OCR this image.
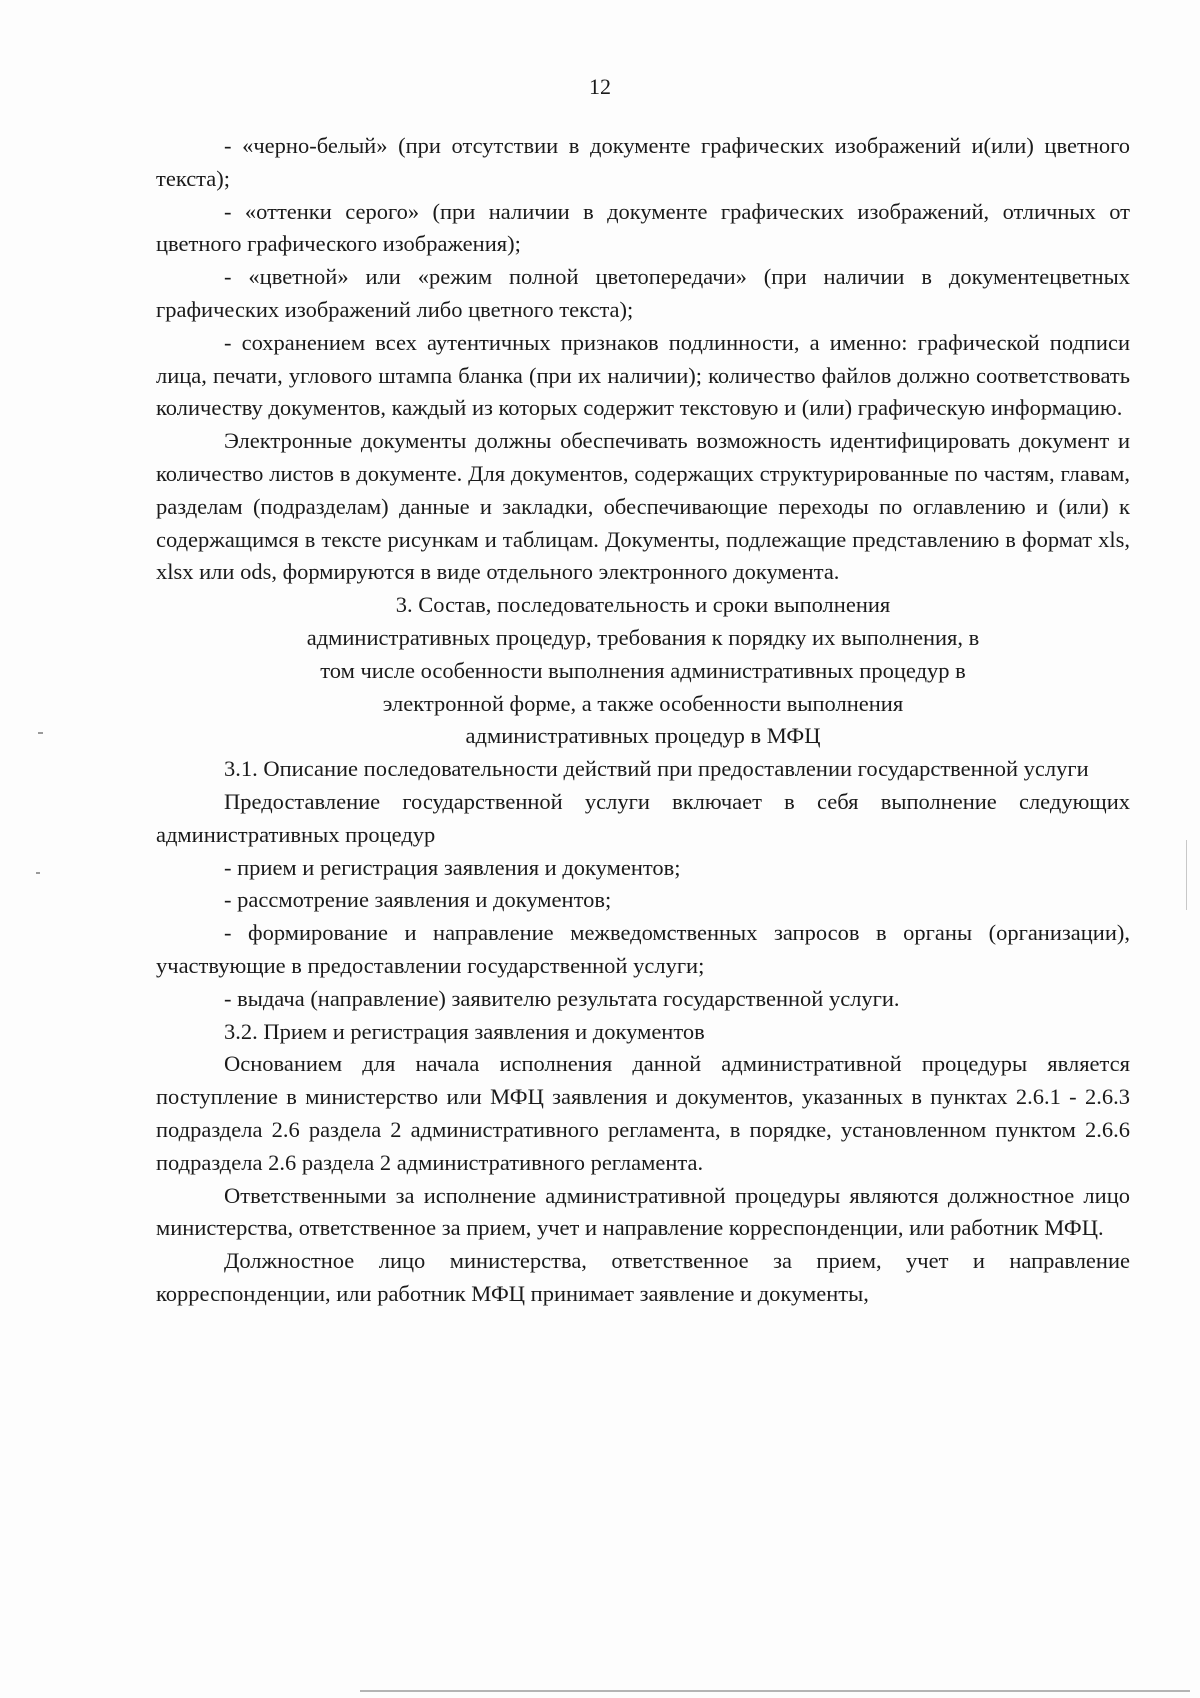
12

- «черно-белый» (при отсутствии в документе графических изображений и(или) цветного текста);

- «оттенки серого» (при наличии в документе графических изображений, отличных от цветного графического изображения);

- «цветной» или «режим полной цветопередачи» (при наличии в документецветных графических изображений либо цветного текста);

- сохранением всех аутентичных признаков подлинности, а именно: графической подписи лица, печати, углового штампа бланка (при их наличии); количество файлов должно соответствовать количеству документов, каждый из которых содержит текстовую и (или) графическую информацию.

Электронные документы должны обеспечивать возможность идентифицировать документ и количество листов в документе. Для документов, содержащих структурированные по частям, главам, разделам (подразделам) данные и закладки, обеспечивающие переходы по оглавлению и (или) к содержащимся в тексте рисункам и таблицам. Документы, подлежащие представлению в формат xls, xlsx или ods, формируются в виде отдельного электронного документа.

3. Состав, последовательность и сроки выполнения административных процедур, требования к порядку их выполнения, в том числе особенности выполнения административных процедур в электронной форме, а также особенности выполнения административных процедур в МФЦ

3.1. Описание последовательности действий при предоставлении государственной услуги

Предоставление государственной услуги включает в себя выполнение следующих административных процедур

- прием и регистрация заявления и документов;

- рассмотрение заявления и документов;

- формирование и направление межведомственных запросов в органы (организации), участвующие в предоставлении государственной услуги;

- выдача (направление) заявителю результата государственной услуги.

3.2. Прием и регистрация заявления и документов

Основанием для начала исполнения данной административной процедуры является поступление в министерство или МФЦ заявления и документов, указанных в пунктах 2.6.1 - 2.6.3 подраздела 2.6 раздела 2 административного регламента, в порядке, установленном пунктом 2.6.6 подраздела 2.6 раздела 2 административного регламента.

Ответственными за исполнение административной процедуры являются должностное лицо министерства, ответственное за прием, учет и направление корреспонденции, или работник МФЦ.

Должностное лицо министерства, ответственное за прием, учет и направление корреспонденции, или работник МФЦ принимает заявление и документы,
